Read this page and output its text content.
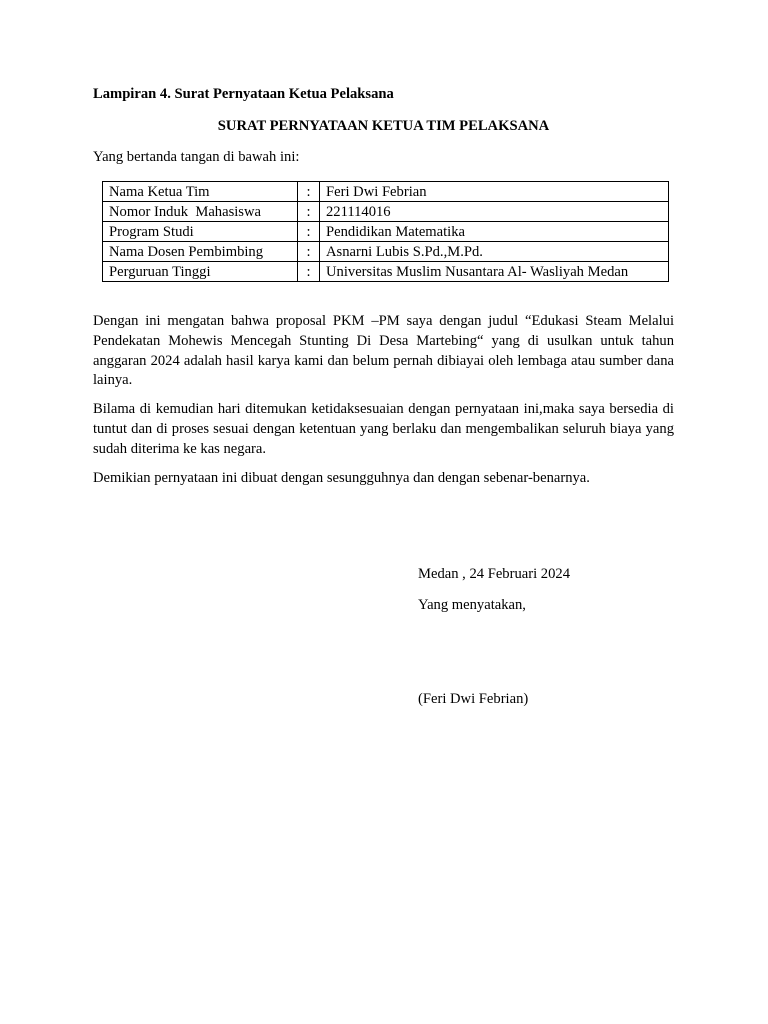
Lampiran 4. Surat Pernyataan Ketua Pelaksana
SURAT PERNYATAAN KETUA TIM PELAKSANA
Yang bertanda tangan di bawah ini:
Nama Ketua Tim	:	Feri Dwi Febrian
Nomor Induk  Mahasiswa	:	221114016
Program Studi	:	Pendidikan Matematika
Nama Dosen Pembimbing	:	Asnarni Lubis S.Pd.,M.Pd.
Perguruan Tinggi	:	Universitas Muslim Nusantara Al- Wasliyah Medan
Dengan ini mengatan bahwa proposal PKM –PM saya dengan judul “Edukasi Steam Melalui Pendekatan Mohewis Mencegah Stunting Di Desa Martebing“ yang di usulkan untuk tahun anggaran 2024 adalah hasil karya kami dan belum pernah dibiayai oleh lembaga atau sumber dana lainya.
Bilama di kemudian hari ditemukan ketidaksesuaian dengan pernyataan ini,maka saya bersedia di tuntut dan di proses sesuai dengan ketentuan yang berlaku dan mengembalikan seluruh biaya yang sudah diterima ke kas negara.
Demikian pernyataan ini dibuat dengan sesungguhnya dan dengan sebenar-benarnya.
Medan , 24 Februari 2024
Yang menyatakan,
(Feri Dwi Febrian)
